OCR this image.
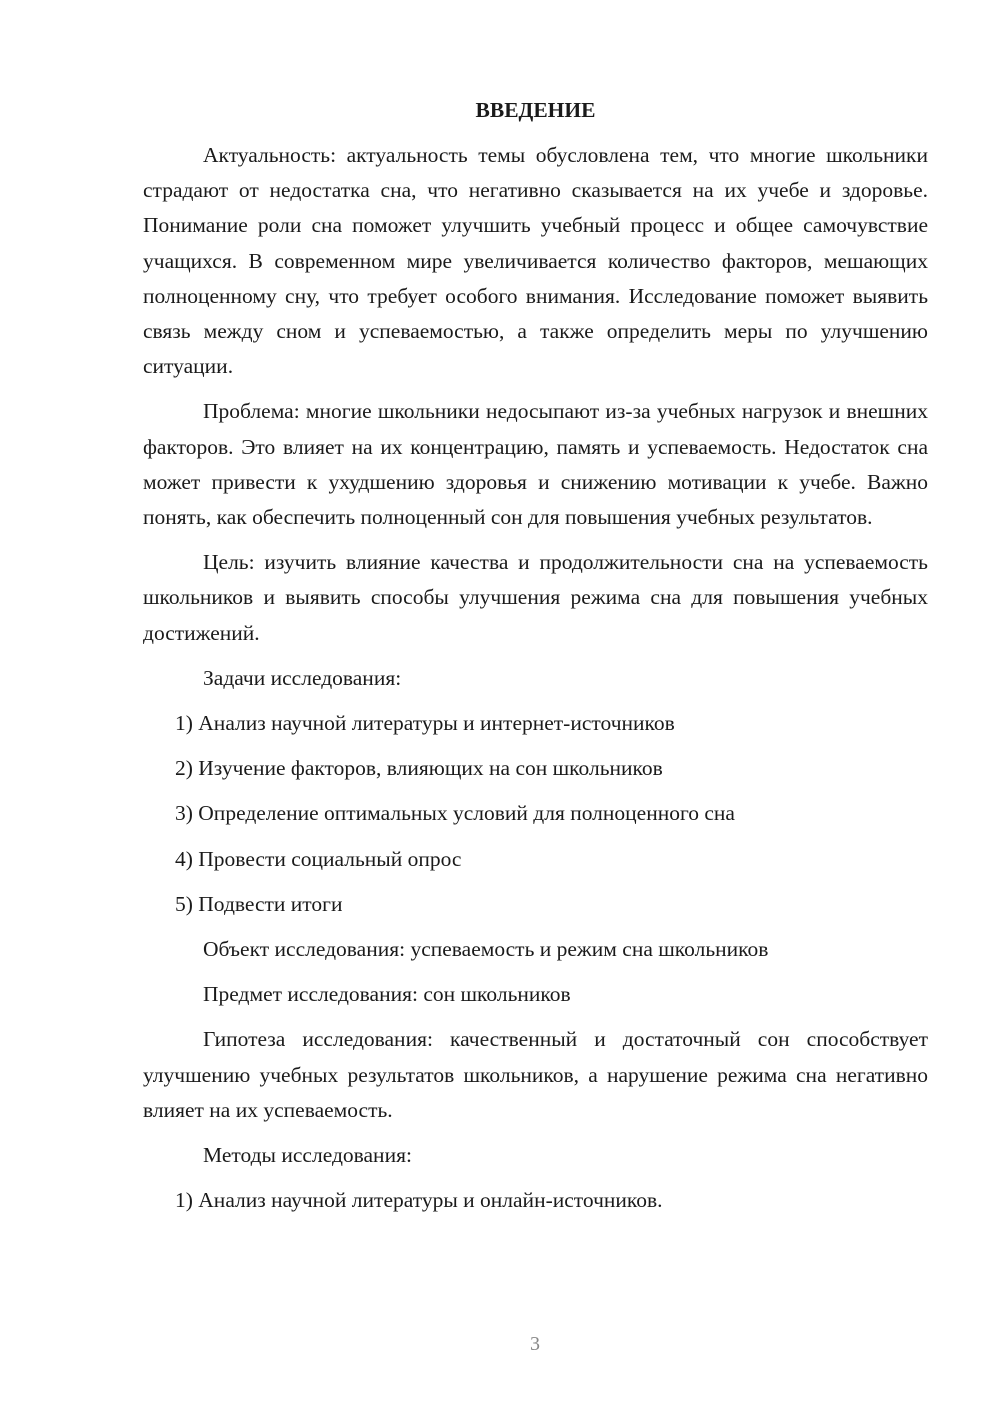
ВВЕДЕНИЕ

Актуальность: актуальность темы обусловлена тем, что многие школьники страдают от недостатка сна, что негативно сказывается на их учебе и здоровье. Понимание роли сна поможет улучшить учебный процесс и общее самочувствие учащихся. В современном мире увеличивается количество факторов, мешающих полноценному сну, что требует особого внимания. Исследование поможет выявить связь между сном и успеваемостью, а также определить меры по улучшению ситуации.

Проблема: многие школьники недосыпают из-за учебных нагрузок и внешних факторов. Это влияет на их концентрацию, память и успеваемость. Недостаток сна может привести к ухудшению здоровья и снижению мотивации к учебе. Важно понять, как обеспечить полноценный сон для повышения учебных результатов.

Цель: изучить влияние качества и продолжительности сна на успеваемость школьников и выявить способы улучшения режима сна для повышения учебных достижений.

Задачи исследования:

1) Анализ научной литературы и интернет-источников

2) Изучение факторов, влияющих на сон школьников

3) Определение оптимальных условий для полноценного сна

4) Провести социальный опрос

5) Подвести итоги

Объект исследования: успеваемость и режим сна школьников

Предмет исследования: сон школьников

Гипотеза исследования: качественный и достаточный сон способствует улучшению учебных результатов школьников, а нарушение режима сна негативно влияет на их успеваемость.

Методы исследования:

1) Анализ научной литературы и онлайн-источников.

3
